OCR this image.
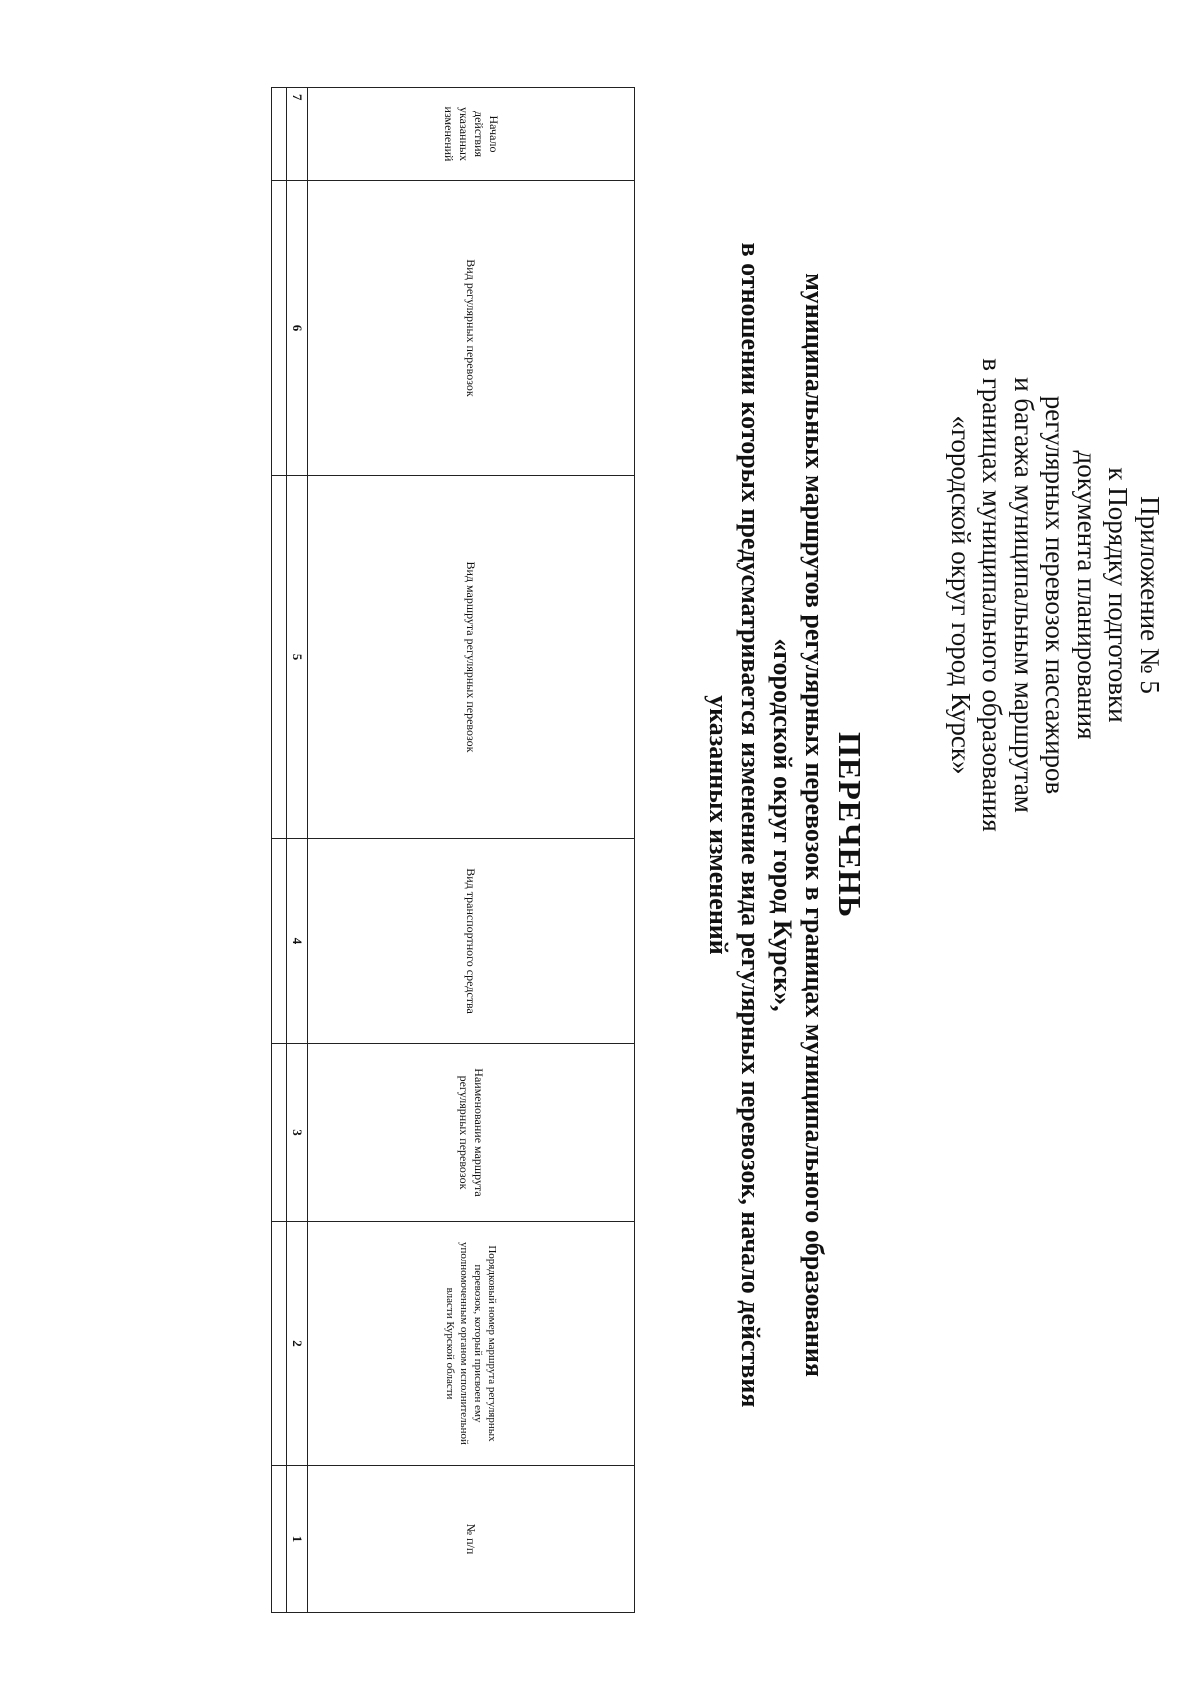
Приложение № 5
к Порядку подготовки
документа планирования
регулярных перевозок пассажиров
и багажа муниципальным маршрутам
в границах муниципального образования
«городской округ город Курск»
ПЕРЕЧЕНЬ
муниципальных маршрутов регулярных перевозок в границах муниципального образования
«городской округ город Курск»,
в отношении которых предусматривается изменение вида регулярных перевозок, начало действия
указанных изменений
Начало действия указанных изменений	Вид регулярных перевозок	Вид маршрута регулярных перевозок	Вид транспортного средства	Наименование маршрута регулярных перевозок	Порядковый номер маршрута регулярных перевозок, который присвоен ему уполномоченным органом исполнительной власти Курской области	№ п/п
7	6	5	4	3	2	1
